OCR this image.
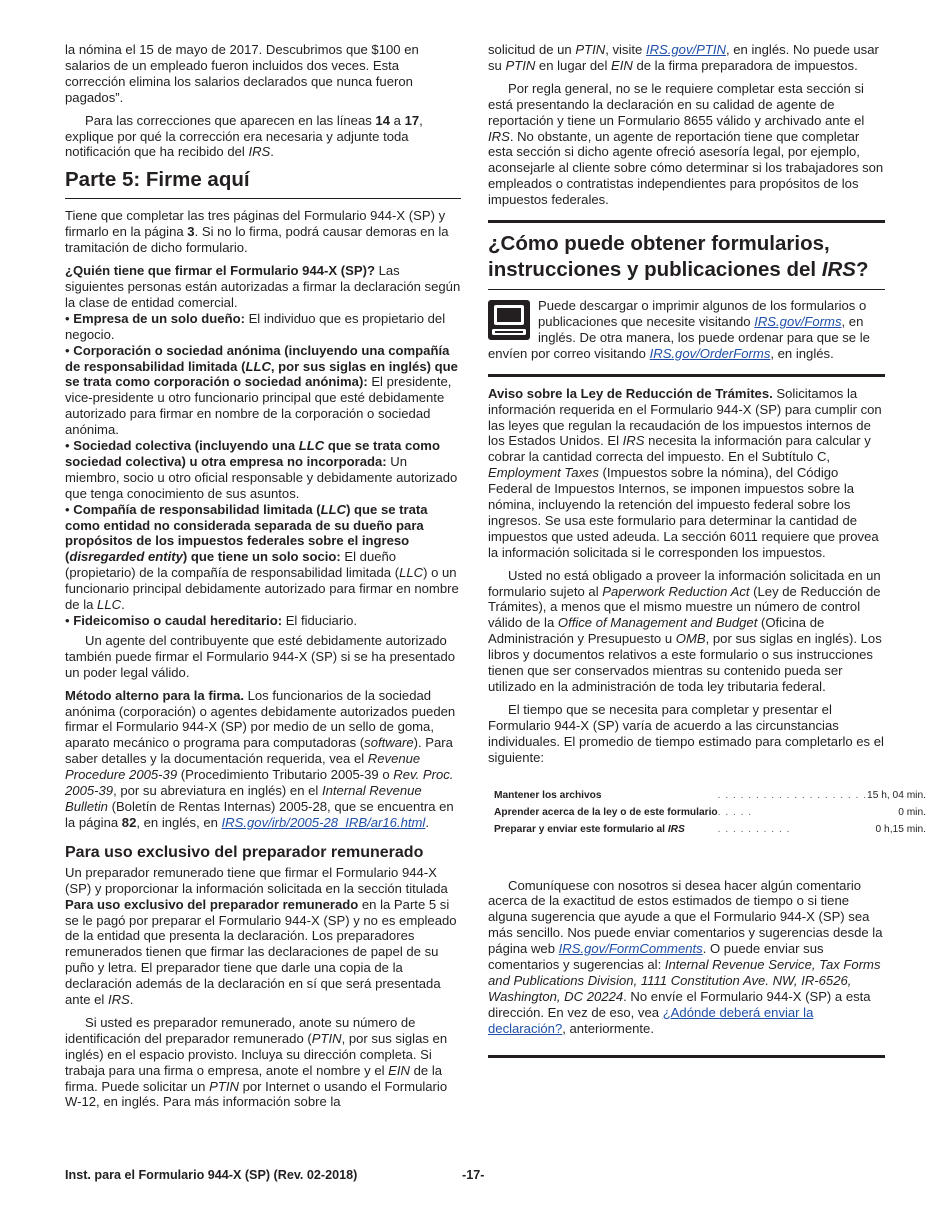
la nómina el 15 de mayo de 2017. Descubrimos que $100 en salarios de un empleado fueron incluidos dos veces. Esta corrección elimina los salarios declarados que nunca fueron pagados”.

Para las correcciones que aparecen en las líneas 14 a 17, explique por qué la corrección era necesaria y adjunte toda notificación que ha recibido del IRS.

Parte 5: Firme aquí

Tiene que completar las tres páginas del Formulario 944-X (SP) y firmarlo en la página 3. Si no lo firma, podrá causar demoras en la tramitación de dicho formulario.

¿Quién tiene que firmar el Formulario 944-X (SP)? Las siguientes personas están autorizadas a firmar la declaración según la clase de entidad comercial.

• Empresa de un solo dueño: El individuo que es propietario del negocio.

• Corporación o sociedad anónima (incluyendo una compañía de responsabilidad limitada (LLC, por sus siglas en inglés) que se trata como corporación o sociedad anónima): El presidente, vice-presidente u otro funcionario principal que esté debidamente autorizado para firmar en nombre de la corporación o sociedad anónima.

• Sociedad colectiva (incluyendo una LLC que se trata como sociedad colectiva) u otra empresa no incorporada: Un miembro, socio u otro oficial responsable y debidamente autorizado que tenga conocimiento de sus asuntos.

• Compañía de responsabilidad limitada (LLC) que se trata como entidad no considerada separada de su dueño para propósitos de los impuestos federales sobre el ingreso (disregarded entity) que tiene un solo socio: El dueño (propietario) de la compañía de responsabilidad limitada (LLC) o un funcionario principal debidamente autorizado para firmar en nombre de la LLC.

• Fideicomiso o caudal hereditario: El fiduciario.

Un agente del contribuyente que esté debidamente autorizado también puede firmar el Formulario 944-X (SP) si se ha presentado un poder legal válido.

Método alterno para la firma. Los funcionarios de la sociedad anónima (corporación) o agentes debidamente autorizados pueden firmar el Formulario 944-X (SP) por medio de un sello de goma, aparato mecánico o programa para computadoras (software). Para saber detalles y la documentación requerida, vea el Revenue Procedure 2005-39 (Procedimiento Tributario 2005-39 o Rev. Proc. 2005-39, por su abreviatura en inglés) en el Internal Revenue Bulletin (Boletín de Rentas Internas) 2005-28, que se encuentra en la página 82, en inglés, en IRS.gov/irb/2005-28_IRB/ar16.html.

Para uso exclusivo del preparador remunerado

Un preparador remunerado tiene que firmar el Formulario 944-X (SP) y proporcionar la información solicitada en la sección titulada Para uso exclusivo del preparador remunerado en la Parte 5 si se le pagó por preparar el Formulario 944-X (SP) y no es empleado de la entidad que presenta la declaración. Los preparadores remunerados tienen que firmar las declaraciones de papel de su puño y letra. El preparador tiene que darle una copia de la declaración además de la declaración en sí que será presentada ante el IRS.

Si usted es preparador remunerado, anote su número de identificación del preparador remunerado (PTIN, por sus siglas en inglés) en el espacio provisto. Incluya su dirección completa. Si trabaja para una firma o empresa, anote el nombre y el EIN de la firma. Puede solicitar un PTIN por Internet o usando el Formulario W-12, en inglés. Para más información sobre la

solicitud de un PTIN, visite IRS.gov/PTIN, en inglés. No puede usar su PTIN en lugar del EIN de la firma preparadora de impuestos.

Por regla general, no se le requiere completar esta sección si está presentando la declaración en su calidad de agente de reportación y tiene un Formulario 8655 válido y archivado ante el IRS. No obstante, un agente de reportación tiene que completar esta sección si dicho agente ofreció asesoría legal, por ejemplo, aconsejarle al cliente sobre cómo determinar si los trabajadores son empleados o contratistas independientes para propósitos de los impuestos federales.

¿Cómo puede obtener formularios, instrucciones y publicaciones del IRS?

Puede descargar o imprimir algunos de los formularios o publicaciones que necesite visitando IRS.gov/Forms, en inglés. De otra manera, los puede ordenar para que se le envíen por correo visitando IRS.gov/OrderForms, en inglés.

Aviso sobre la Ley de Reducción de Trámites. Solicitamos la información requerida en el Formulario 944-X (SP) para cumplir con las leyes que regulan la recaudación de los impuestos internos de los Estados Unidos. El IRS necesita la información para calcular y cobrar la cantidad correcta del impuesto. En el Subtítulo C, Employment Taxes (Impuestos sobre la nómina), del Código Federal de Impuestos Internos, se imponen impuestos sobre la nómina, incluyendo la retención del impuesto federal sobre los ingresos. Se usa este formulario para determinar la cantidad de impuestos que usted adeuda. La sección 6011 requiere que provea la información solicitada si le corresponden los impuestos.

Usted no está obligado a proveer la información solicitada en un formulario sujeto al Paperwork Reduction Act (Ley de Reducción de Trámites), a menos que el mismo muestre un número de control válido de la Office of Management and Budget (Oficina de Administración y Presupuesto u OMB, por sus siglas en inglés). Los libros y documentos relativos a este formulario o sus instrucciones tienen que ser conservados mientras su contenido pueda ser utilizado en la administración de toda ley tributaria federal.

El tiempo que se necesita para completar y presentar el Formulario 944-X (SP) varía de acuerdo a las circunstancias individuales. El promedio de tiempo estimado para completarlo es el siguiente:

Mantener los archivos	. . . . . . . . . . . . . . . . . . . .	15 h, 04 min.
Aprender acerca de la ley o de este formulario	. . . . .	0 min.
Preparar y enviar este formulario al IRS	. . . . . . . . . .	0 h,15 min.

Comuníquese con nosotros si desea hacer algún comentario acerca de la exactitud de estos estimados de tiempo o si tiene alguna sugerencia que ayude a que el Formulario 944-X (SP) sea más sencillo. Nos puede enviar comentarios y sugerencias desde la página web IRS.gov/FormComments. O puede enviar sus comentarios y sugerencias al: Internal Revenue Service, Tax Forms and Publications Division, 1111 Constitution Ave. NW, IR-6526, Washington, DC 20224. No envíe el Formulario 944-X (SP) a esta dirección. En vez de eso, vea ¿Adónde deberá enviar la declaración?, anteriormente.

Inst. para el Formulario 944-X (SP) (Rev. 02-2018)	-17-
